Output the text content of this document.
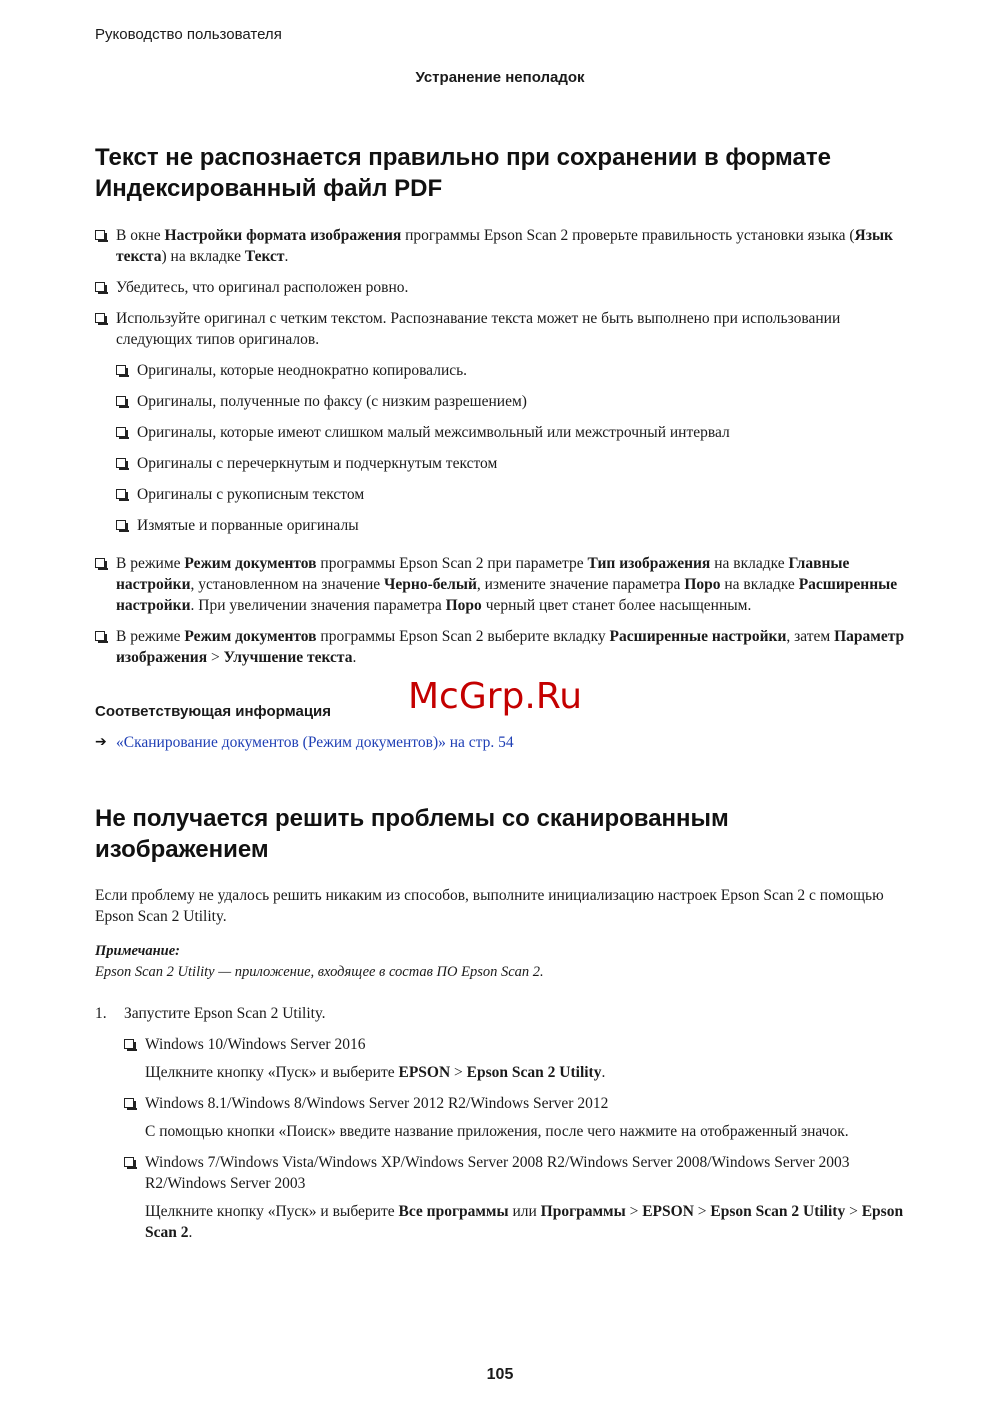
Руководство пользователя
Устранение неполадок
Текст не распознается правильно при сохранении в формате
Индексированный файл PDF
В окне Настройки формата изображения программы Epson Scan 2 проверьте правильность установки языка (Язык текста) на вкладке Текст.
Убедитесь, что оригинал расположен ровно.
Используйте оригинал с четким текстом. Распознавание текста может не быть выполнено при использовании следующих типов оригиналов.
Оригиналы, которые неоднократно копировались.
Оригиналы, полученные по факсу (с низким разрешением)
Оригиналы, которые имеют слишком малый межсимвольный или межстрочный интервал
Оригиналы с перечеркнутым и подчеркнутым текстом
Оригиналы с рукописным текстом
Измятые и порванные оригиналы
В режиме Режим документов программы Epson Scan 2 при параметре Тип изображения на вкладке Главные настройки, установленном на значение Черно-белый, измените значение параметра Порo на вкладке Расширенные настройки. При увеличении значения параметра Порo черный цвет станет более насыщенным.
В режиме Режим документов программы Epson Scan 2 выберите вкладку Расширенные настройки, затем Параметр изображения > Улучшение текста.
Соответствующая информация
➔ «Сканирование документов (Режим документов)» на стр. 54
Не получается решить проблемы со сканированным
изображением

Если проблему не удалось решить никаким из способов, выполните инициализацию настроек Epson Scan 2 с помощью Epson Scan 2 Utility.

Примечание:
Epson Scan 2 Utility — приложение, входящее в состав ПО Epson Scan 2.
1. Запустите Epson Scan 2 Utility.
Windows 10/Windows Server 2016
Щелкните кнопку «Пуск» и выберите EPSON > Epson Scan 2 Utility.
Windows 8.1/Windows 8/Windows Server 2012 R2/Windows Server 2012
С помощью кнопки «Поиск» введите название приложения, после чего нажмите на отображенный значок.
Windows 7/Windows Vista/Windows XP/Windows Server 2008 R2/Windows Server 2008/Windows Server 2003 R2/Windows Server 2003
Щелкните кнопку «Пуск» и выберите Все программы или Программы > EPSON > Epson Scan 2 Utility > Epson Scan 2.
McGrp.Ru
105
